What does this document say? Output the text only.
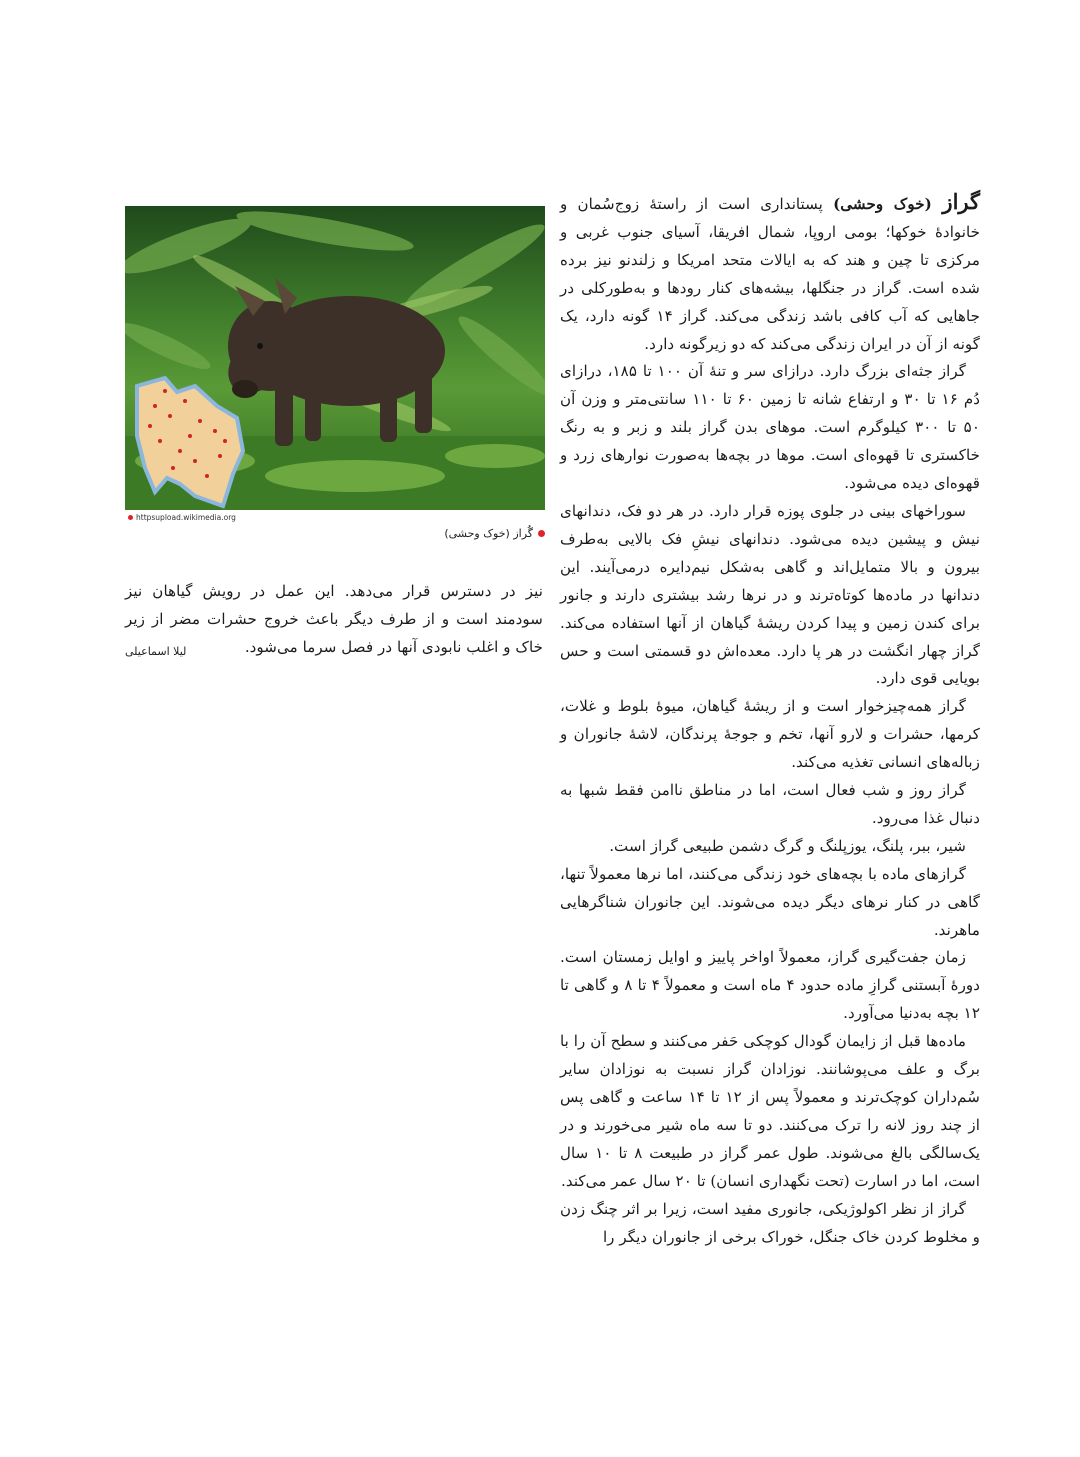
گراز (خوک وحشی) پستانداری است از راستهٔ زوج‌سُمان و خانوادهٔ خوکها؛ بومی اروپا، شمال افریقا، آسیای جنوب غربی و مرکزی تا چین و هند که به ایالات متحد امریکا و زلندنو نیز برده شده است. گراز در جنگلها، بیشه‌های کنار رودها و به‌طورکلی در جاهایی که آب کافی باشد زندگی می‌کند. گراز ۱۴ گونه دارد، یک گونه از آن در ایران زندگی می‌کند که دو زیرگونه دارد.

گراز جثه‌ای بزرگ دارد. درازای سر و تنهٔ آن ۱۰۰ تا ۱۸۵، درازای دُم ۱۶ تا ۳۰ و ارتفاع شانه تا زمین ۶۰ تا ۱۱۰ سانتی‌متر و وزن آن ۵۰ تا ۳۰۰ کیلوگرم است. موهای بدن گراز بلند و زبر و به رنگ خاکستری تا قهوه‌ای است. موها در بچه‌ها به‌صورت نوارهای زرد و قهوه‌ای دیده می‌شود.

سوراخهای بینی در جلوی پوزه قرار دارد. در هر دو فک، دندانهای نیش و پیشین دیده می‌شود. دندانهای نیشِ فک بالایی به‌طرف بیرون و بالا متمایل‌اند و گاهی به‌شکل نیم‌دایره درمی‌آیند. این دندانها در ماده‌ها کوتاه‌ترند و در نرها رشد بیشتری دارند و جانور برای کندن زمین و پیدا کردن ریشهٔ گیاهان از آنها استفاده می‌کند. گراز چهار انگشت در هر پا دارد. معده‌اش دو قسمتی است و حس بویایی قوی دارد.

گراز همه‌چیزخوار است و از ریشهٔ گیاهان، میوهٔ بلوط و غلات، کرمها، حشرات و لارو آنها، تخم و جوجهٔ پرندگان، لاشهٔ جانوران و زباله‌های انسانی تغذیه می‌کند.

گراز روز و شب فعال است، اما در مناطق ناامن فقط شبها به دنبال غذا می‌رود.

شیر، ببر، پلنگ، یوزپلنگ و گرگ دشمن طبیعی گراز است.

گرازهای ماده با بچه‌های خود زندگی می‌کنند، اما نرها معمولاً تنها، گاهی در کنار نرهای دیگر دیده می‌شوند. این جانوران شناگرهایی ماهرند.

زمان جفت‌گیری گراز، معمولاً اواخر پاییز و اوایل زمستان است. دورهٔ آبستنی گرازِ ماده حدود ۴ ماه است و معمولاً ۴ تا ۸ و گاهی تا ۱۲ بچه به‌دنیا می‌آورد.

ماده‌ها قبل از زایمان گودال کوچکی حَفر می‌کنند و سطح آن را با برگ و علف می‌پوشانند. نوزادان گراز نسبت به نوزادان سایر سُم‌داران کوچک‌ترند و معمولاً پس از ۱۲ تا ۱۴ ساعت و گاهی پس از چند روز لانه را ترک می‌کنند. دو تا سه ماه شیر می‌خورند و در یک‌سالگی بالغ می‌شوند. طول عمر گراز در طبیعت ۸ تا ۱۰ سال است، اما در اسارت (تحت نگهداری انسان) تا ۲۰ سال عمر می‌کند.

گراز از نظر اکولوژیکی، جانوری مفید است، زیرا بر اثر چنگ زدن و مخلوط کردن خاک جنگل، خوراک برخی از جانوران دیگر را

httpsupload.wikimedia.org
گُراز (خوک وحشی)

نیز در دسترس قرار می‌دهد. این عمل در رویش گیاهان نیز سودمند است و از طرف دیگر باعث خروج حشرات مضر از زیر خاک و اغلب نابودی آنها در فصل سرما می‌شود.

لیلا اسماعیلی
